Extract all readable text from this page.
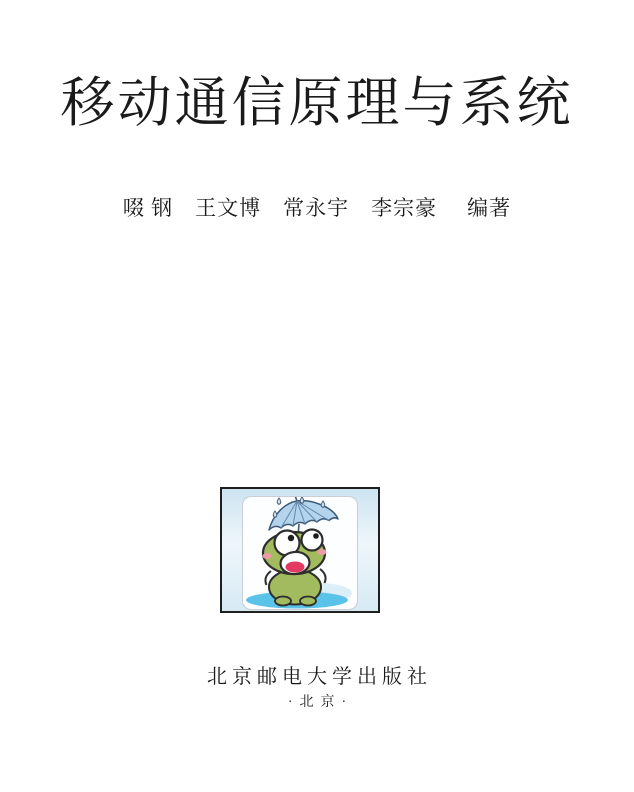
移动通信原理与系统
啜 钢 王文博 常永宇 李宗豪 编著
北京邮电大学出版社
·北京·
